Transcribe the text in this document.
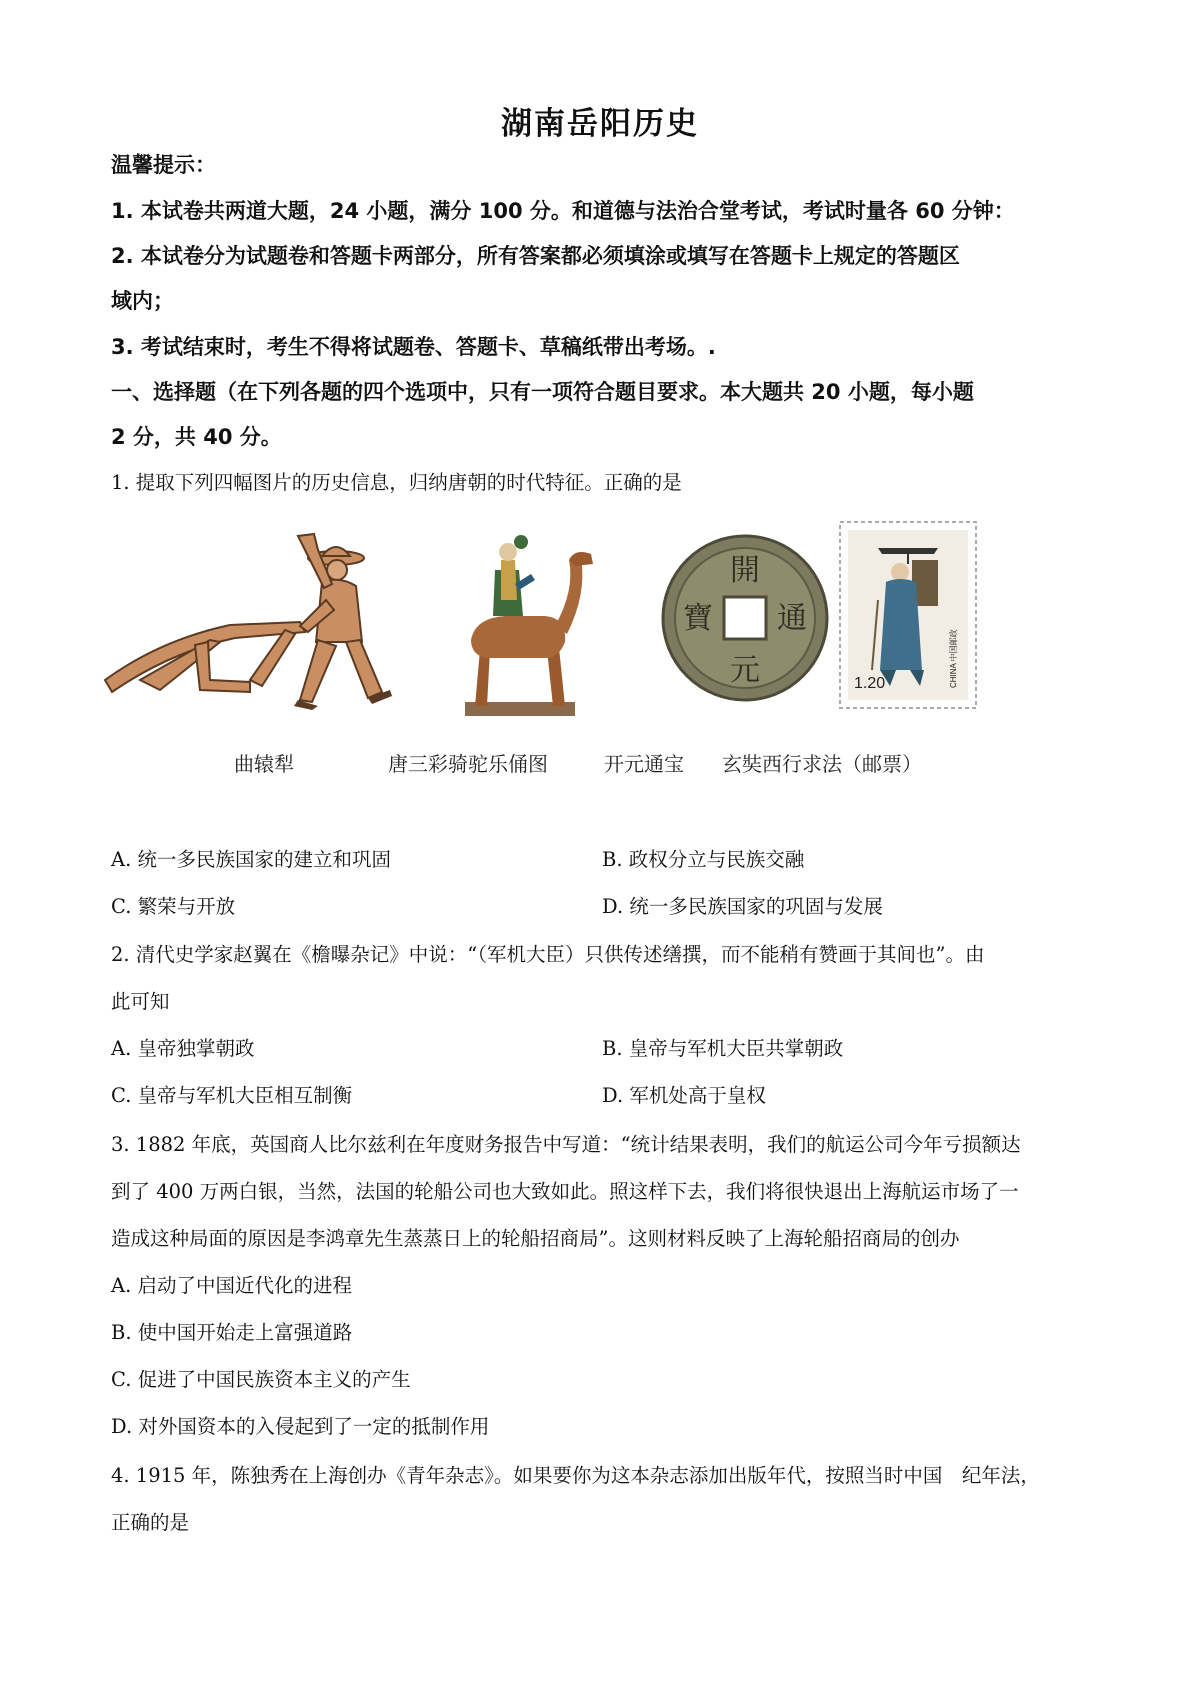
湖南岳阳历史
温馨提示：
1. 本试卷共两道大题，24 小题，满分 100 分。和道德与法治合堂考试，考试时量各 60 分钟：
2. 本试卷分为试题卷和答题卡两部分，所有答案都必须填涂或填写在答题卡上规定的答题区
域内；
3. 考试结束时，考生不得将试题卷、答题卡、草稿纸带出考场。.
一、选择题（在下列各题的四个选项中，只有一项符合题目要求。本大题共 20 小题，每小题
2 分，共 40 分。
1. 提取下列四幅图片的历史信息，归纳唐朝的时代特征。正确的是
開
元
通
寶
1.20	CHINA 中国邮政
曲辕犁	唐三彩骑驼乐俑图	开元通宝 玄奘西行求法（邮票）
A. 统一多民族国家的建立和巩固	B. 政权分立与民族交融
C. 繁荣与开放	D. 统一多民族国家的巩固与发展
2. 清代史学家赵翼在《檐曝杂记》中说：“（军机大臣）只供传述缮撰，而不能稍有赞画于其间也”。由
此可知
A. 皇帝独掌朝政	B. 皇帝与军机大臣共掌朝政
C. 皇帝与军机大臣相互制衡	D. 军机处高于皇权
3. 1882 年底，英国商人比尔兹利在年度财务报告中写道：“统计结果表明，我们的航运公司今年亏损额达
到了 400 万两白银，当然，法国的轮船公司也大致如此。照这样下去，我们将很快退出上海航运市场了一
造成这种局面的原因是李鸿章先生蒸蒸日上的轮船招商局”。这则材料反映了上海轮船招商局的创办
A. 启动了中国近代化的进程
B. 使中国开始走上富强道路
C. 促进了中国民族资本主义的产生
D. 对外国资本的入侵起到了一定的抵制作用
4. 1915 年，陈独秀在上海创办《青年杂志》。如果要你为这本杂志添加出版年代，按照当时中国　纪年法，
正确的是
